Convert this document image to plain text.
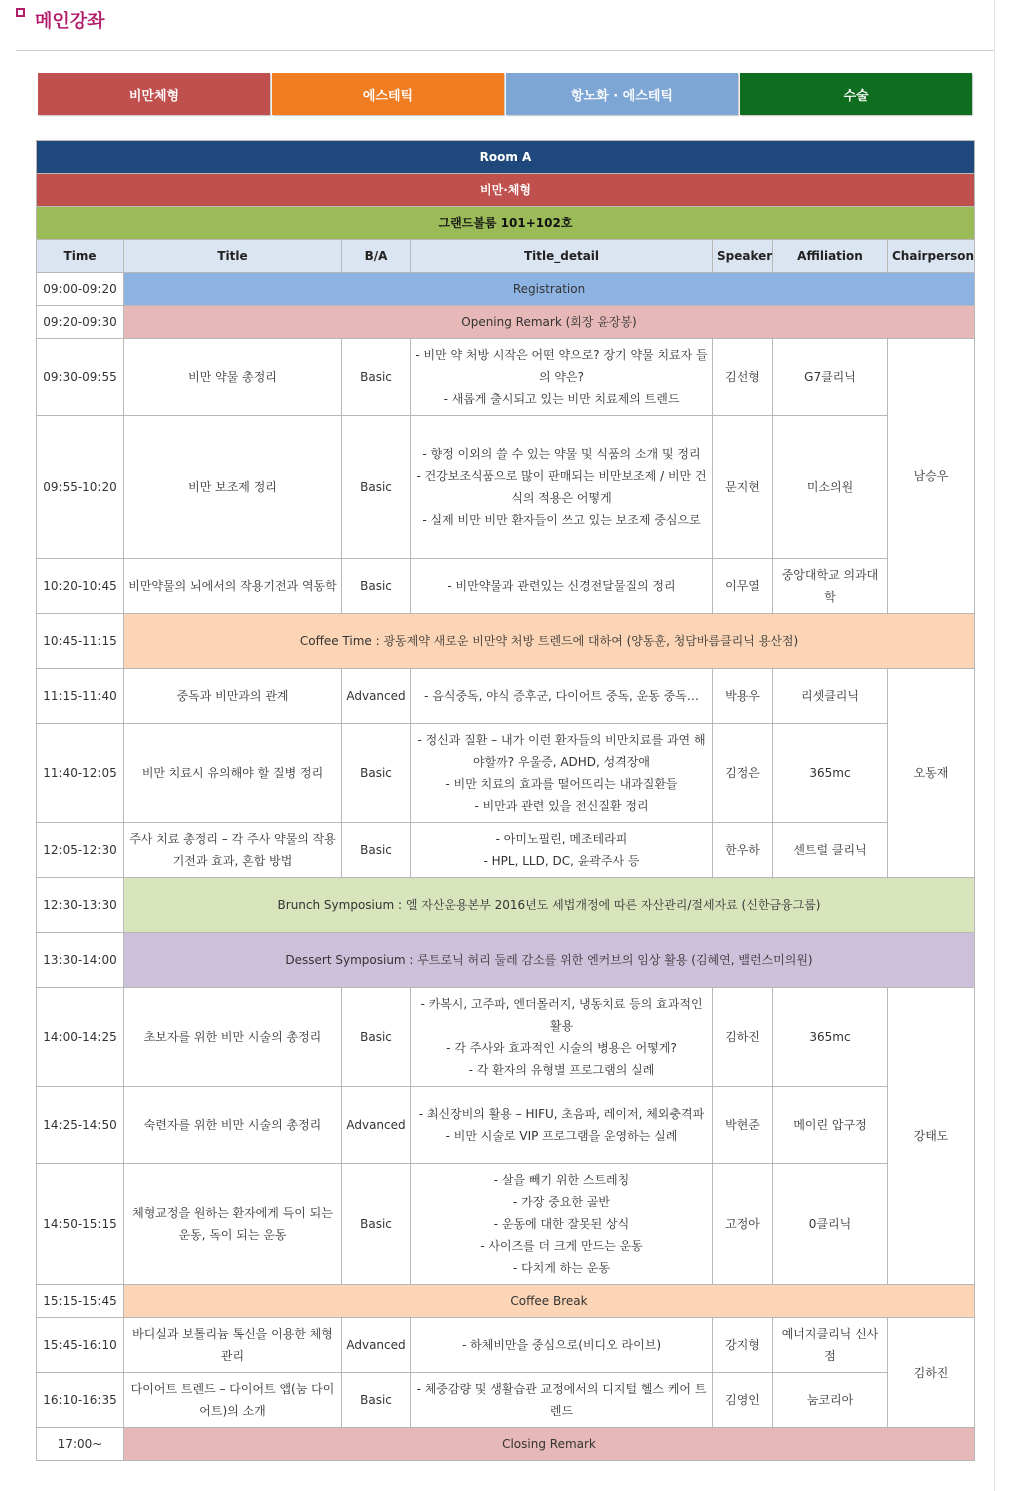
메인강좌
비만체형	에스테틱	항노화 · 에스테틱	수술
Room A						
비만·체형						
그랜드볼룸 101+102호						
Time	Title	B/A	Title_detail	Speaker	Affiliation	Chairperson
09:00-09:20	Registration					
09:20-09:30	Opening Remark (회장 윤장봉)					
09:30-09:55	비만 약물 총정리	Basic	- 비만 약 처방 시작은 어떤 약으로? 장기 약물 치료자 들의 약은?
- 새롭게 출시되고 있는 비만 치료제의 트렌드	김선형	G7클리닉	남승우
09:55-10:20	비만 보조제 정리	Basic	- 향정 이외의 쓸 수 있는 약물 및 식품의 소개 및 정리
- 건강보조식품으로 많이 판매되는 비만보조제 / 비만 건식의 적용은 어떻게
- 실제 비만 비만 환자들이 쓰고 있는 보조제 중심으로	문지현	미소의원	
10:20-10:45	비만약물의 뇌에서의 작용기전과 역동학	Basic	- 비만약물과 관련있는 신경전달물질의 정리	이무열	중앙대학교 의과대학	
10:45-11:15	Coffee Time : 광동제약 새로운 비만약 처방 트렌드에 대하여 (양동훈, 청담바름클리닉 용산점)					
11:15-11:40	중독과 비만과의 관계	Advanced	- 음식중독, 야식 증후군, 다이어트 중독, 운동 중독…	박용우	리셋클리닉	오동재
11:40-12:05	비만 치료시 유의해야 할 질병 정리	Basic	- 정신과 질환 – 내가 이런 환자들의 비만치료를 과연 해야할까? 우울증, ADHD, 성격장애
- 비만 치료의 효과를 떨어뜨리는 내과질환들
- 비만과 관련 있을 전신질환 정리	김정은	365mc	
12:05-12:30	주사 치료 총정리 – 각 주사 약물의 작용기전과 효과, 혼합 방법	Basic	- 아미노필린, 메조테라피
- HPL, LLD, DC, 윤곽주사 등	한우하	센트럴 클리닉	
12:30-13:30	Brunch Symposium : 엘 자산운용본부 2016년도 세법개정에 따른 자산관리/절세자료 (신한금융그룹)					
13:30-14:00	Dessert Symposium : 루트로닉 허리 둘레 감소를 위한 엔커브의 임상 활용 (김혜연, 밸런스미의원)					
14:00-14:25	초보자를 위한 비만 시술의 총정리	Basic	- 카복시, 고주파, 엔더몰러지, 냉동치료 등의 효과적인 활용
- 각 주사와 효과적인 시술의 병용은 어떻게?
- 각 환자의 유형별 프로그램의 실례	김하진	365mc	강태도
14:25-14:50	숙련자를 위한 비만 시술의 총정리	Advanced	- 최신장비의 활용 – HIFU, 초음파, 레이저, 체외충격파
- 비만 시술로 VIP 프로그램을 운영하는 실례	박현준	메이린 압구정	
14:50-15:15	체형교정을 원하는 환자에게 득이 되는 운동, 독이 되는 운동	Basic	- 살을 빼기 위한 스트레칭
- 가장 중요한 골반
- 운동에 대한 잘못된 상식
- 사이즈를 더 크게 만드는 운동
- 다치게 하는 운동	고정아	0클리닉	
15:15-15:45	Coffee Break					
15:45-16:10	바디실과 보톨리늄 톡신을 이용한 체형관리	Advanced	- 하체비만을 중심으로(비디오 라이브)	강지형	예너지클리닉 신사점	김하진
16:10-16:35	다이어트 트렌드 – 다이어트 앱(눔 다이어트)의 소개	Basic	- 체중감량 및 생활습관 교정에서의 디지털 헬스 케어 트렌드	김영인	눔코리아	
17:00~	Closing Remark					
